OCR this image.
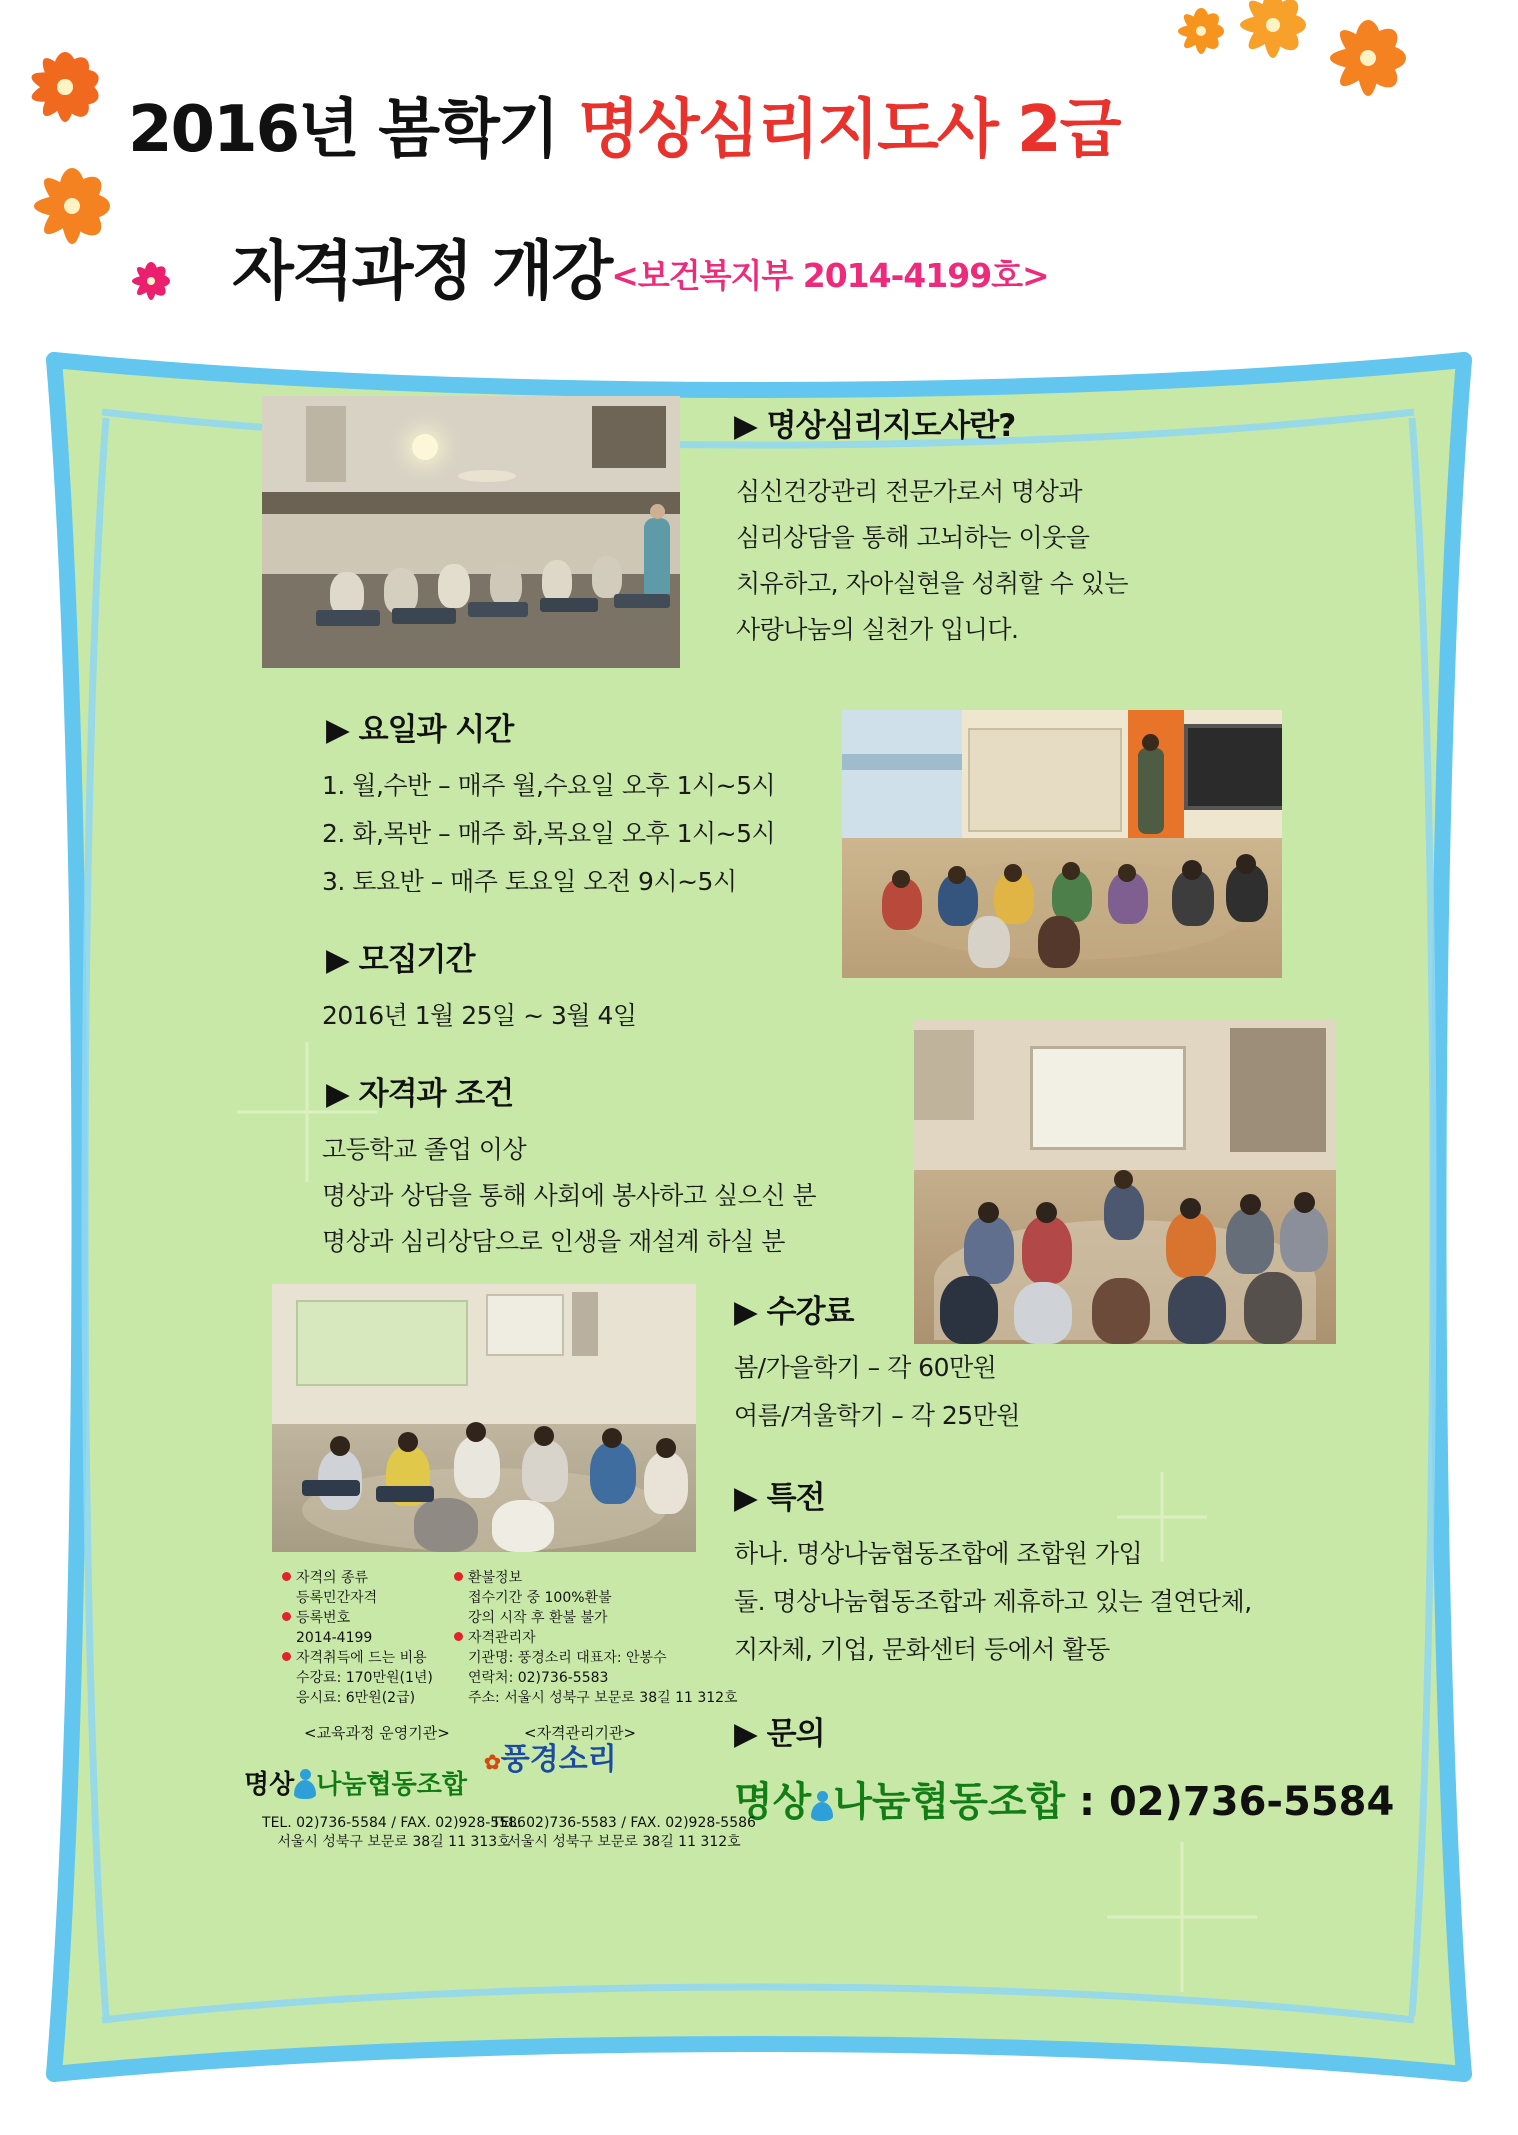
2016년 봄학기 명상심리지도사 2급
자격과정 개강<보건복지부 2014-4199호>
▶ 명상심리지도사란?
심신건강관리 전문가로서 명상과
심리상담을 통해 고뇌하는 이웃을
치유하고, 자아실현을 성취할 수 있는
사랑나눔의 실천가 입니다.
▶ 요일과 시간
1. 월,수반 – 매주 월,수요일 오후 1시~5시
2. 화,목반 – 매주 화,목요일 오후 1시~5시
3. 토요반 – 매주 토요일 오전 9시~5시
▶ 모집기간
2016년 1월 25일 ~ 3월 4일
▶ 자격과 조건
고등학교 졸업 이상
명상과 상담을 통해 사회에 봉사하고 싶으신 분
명상과 심리상담으로 인생을 재설계 하실 분
▶ 수강료
봄/가을학기 – 각 60만원
여름/겨울학기 – 각 25만원
▶ 특전
하나. 명상나눔협동조합에 조합원 가입
둘. 명상나눔협동조합과 제휴하고 있는 결연단체,
지자체, 기업, 문화센터 등에서 활동
▶ 문의
명상 나눔협동조합 : 02)736-5584
자격의 종류
등록민간자격
등록번호
2014-4199
자격취득에 드는 비용
수강료: 170만원(1년)
응시료: 6만원(2급)
환불정보
접수기간 중 100%환불
강의 시작 후 환불 불가
자격관리자
기관명: 풍경소리 대표자: 안봉수
연락처: 02)736-5583
주소: 서울시 성북구 보문로 38길 11 312호
<교육과정 운영기관>	<자격관리기관>
명상 나눔협동조합
✿풍경소리
TEL. 02)736-5584 / FAX. 02)928-5586
서울시 성북구 보문로 38길 11 313호
TEL. 02)736-5583 / FAX. 02)928-5586
서울시 성북구 보문로 38길 11 312호
